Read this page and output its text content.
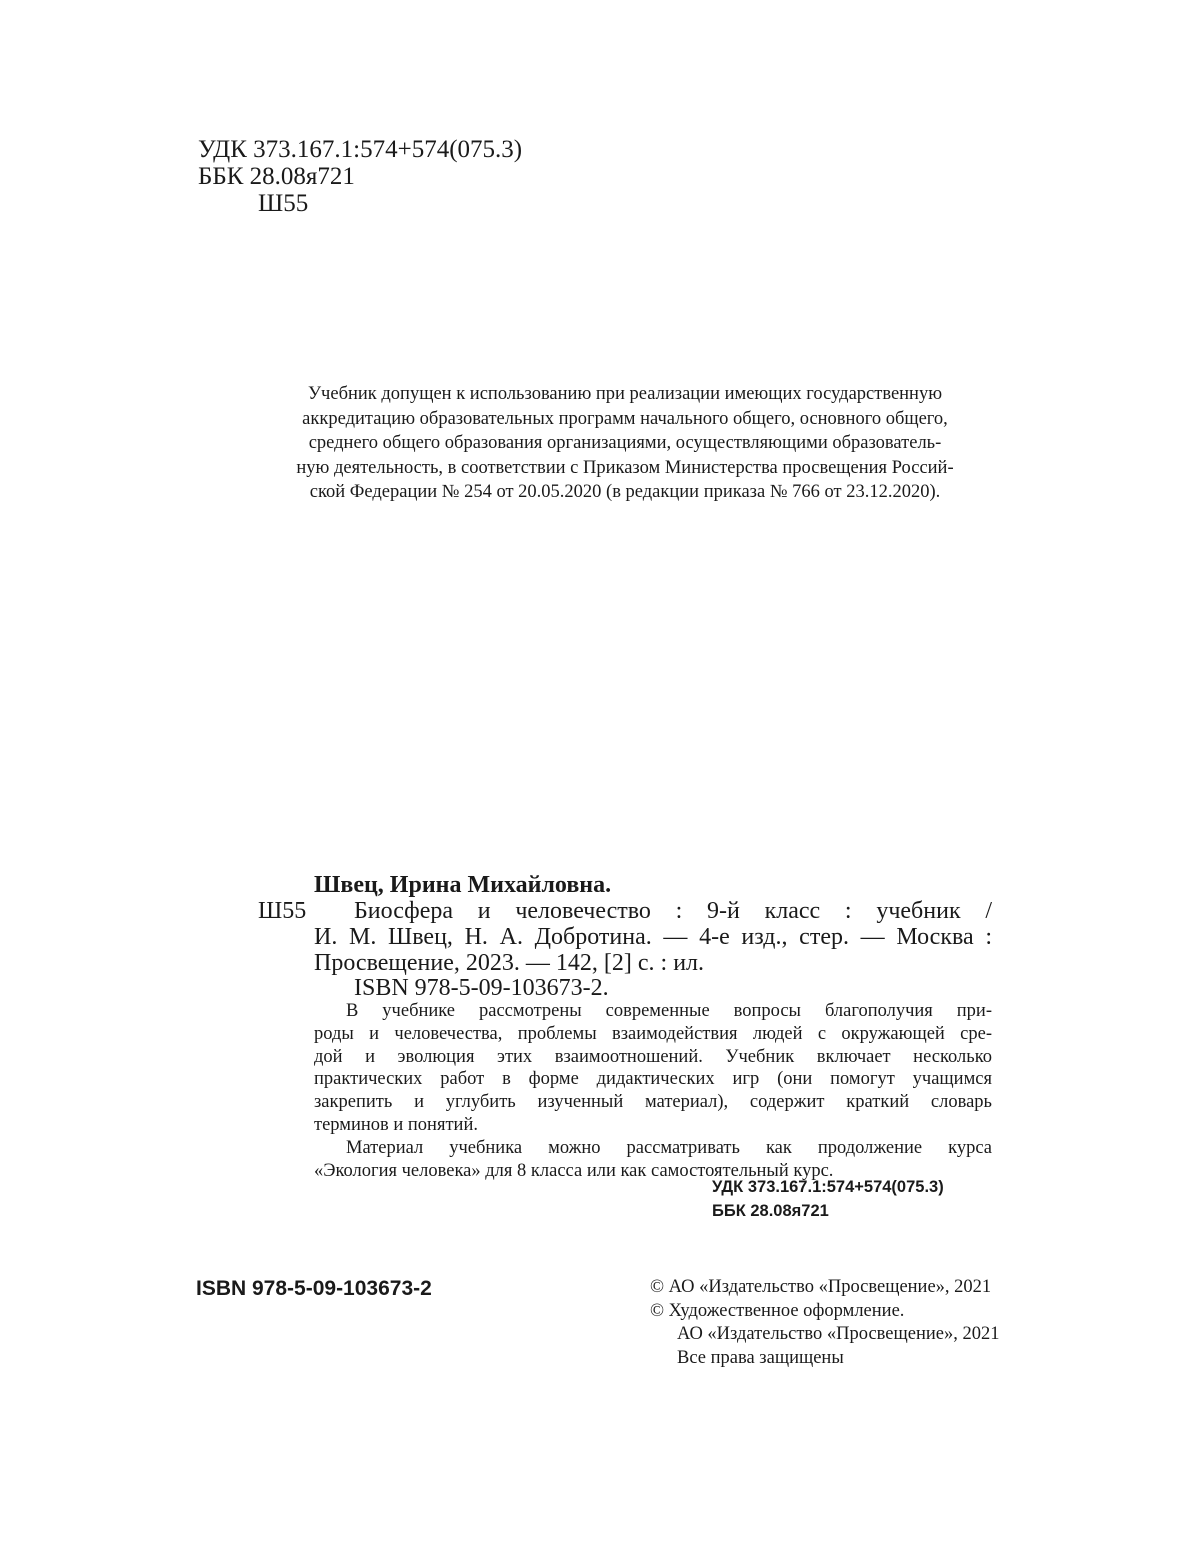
УДК 373.167.1:574+574(075.3)
ББК 28.08я721
Ш55
Учебник допущен к использованию при реализации имеющих государственную
аккредитацию образовательных программ начального общего, основного общего,
среднего общего образования организациями, осуществляющими образователь-
ную деятельность, в соответствии с Приказом Министерства просвещения Россий-
ской Федерации № 254 от 20.05.2020 (в редакции приказа № 766 от 23.12.2020).
Швец, Ирина Михайловна.
Ш55 Биосфера и человечество : 9-й класс : учебник /
И. М. Швец, Н. А. Добротина. — 4-е изд., стер. — Москва :
Просвещение, 2023. — 142, [2] с. : ил.
ISBN 978-5-09-103673-2.
В учебнике рассмотрены современные вопросы благополучия при-
роды и человечества, проблемы взаимодействия людей с окружающей сре-
дой и эволюция этих взаимоотношений. Учебник включает несколько
практических работ в форме дидактических игр (они помогут учащимся
закрепить и углубить изученный материал), содержит краткий словарь
терминов и понятий.
Материал учебника можно рассматривать как продолжение курса
«Экология человека» для 8 класса или как самостоятельный курс.
УДК 373.167.1:574+574(075.3)
ББК 28.08я721
ISBN 978-5-09-103673-2	© АО «Издательство «Просвещение», 2021
© Художественное оформление.
АО «Издательство «Просвещение», 2021
Все права защищены
